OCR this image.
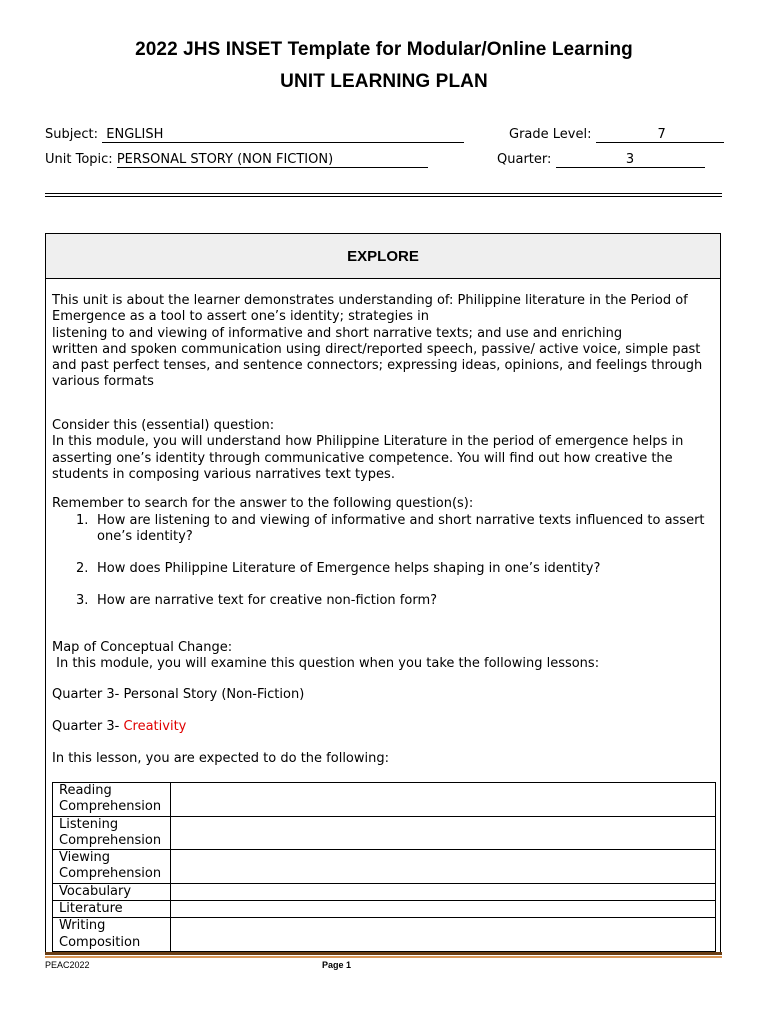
2022 JHS INSET Template for Modular/Online Learning
UNIT LEARNING PLAN
Subject:  ENGLISH	Grade Level:	7
Unit Topic: PERSONAL STORY (NON FICTION)	Quarter:	3
EXPLORE
This unit is about the learner demonstrates understanding of: Philippine literature in the Period of
Emergence as a tool to assert one’s identity; strategies in
listening to and viewing of informative and short narrative texts; and use and enriching
written and spoken communication using direct/reported speech, passive/ active voice, simple past
and past perfect tenses, and sentence connectors; expressing ideas, opinions, and feelings through
various formats
Consider this (essential) question:
In this module, you will understand how Philippine Literature in the period of emergence helps in
asserting one’s identity through communicative competence. You will find out how creative the
students in composing various narratives text types.
Remember to search for the answer to the following question(s):
1. How are listening to and viewing of informative and short narrative texts influenced to assert
one’s identity?
2. How does Philippine Literature of Emergence helps shaping in one’s identity?
3. How are narrative text for creative non-fiction form?
Map of Conceptual Change:
In this module, you will examine this question when you take the following lessons:
Quarter 3- Personal Story (Non-Fiction)
Quarter 3- Creativity
In this lesson, you are expected to do the following:
Reading
Comprehension	

Listening
Comprehension	

Viewing
Comprehension	

Vocabulary	

Literature	

Writing
Composition	

PEAC2022	Page 1
